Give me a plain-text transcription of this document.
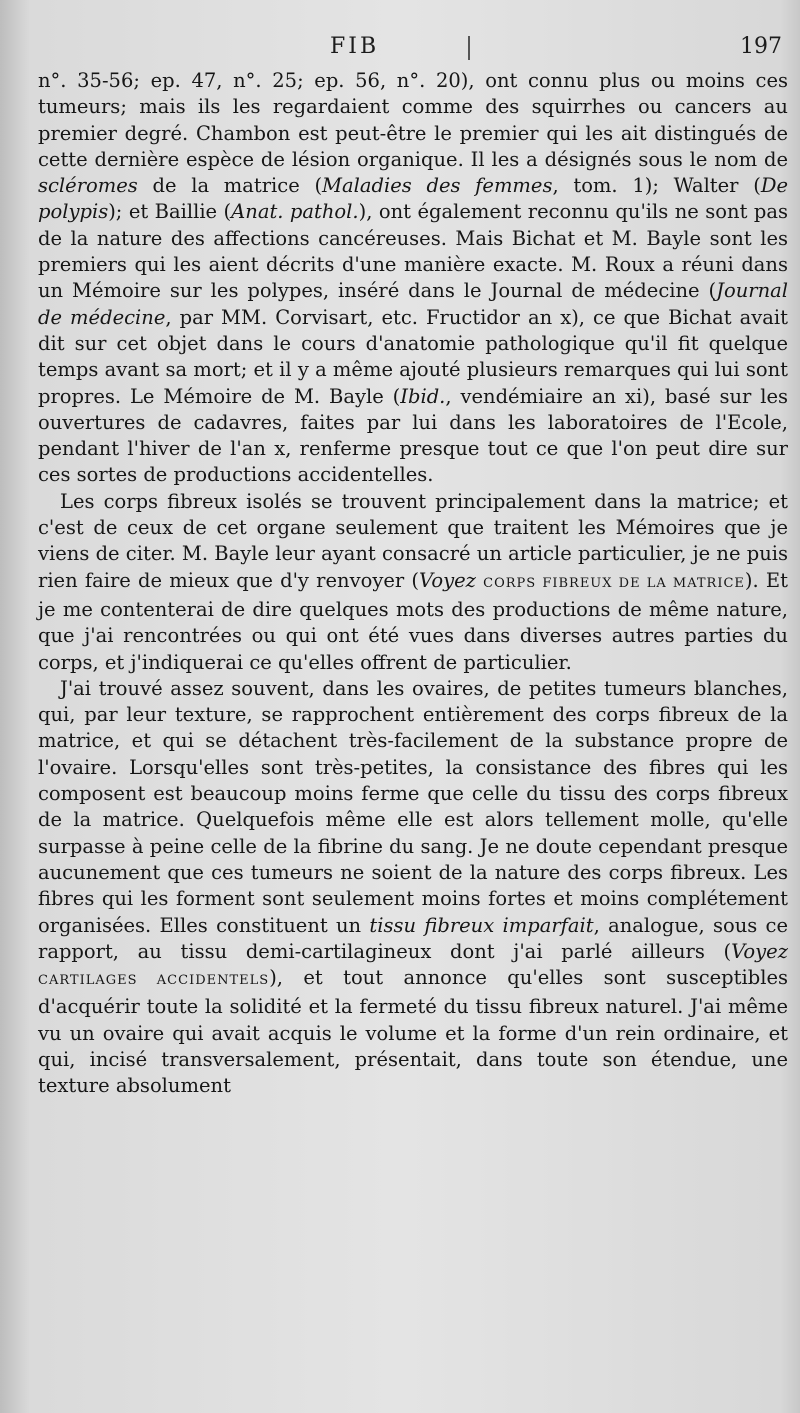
FIB	197

n°. 35-56; ep. 47, n°. 25; ep. 56, n°. 20), ont connu plus ou moins ces tumeurs; mais ils les regardaient comme des squirrhes ou cancers au premier degré. Chambon est peut-être le premier qui les ait distingués de cette dernière espèce de lésion organique. Il les a désignés sous le nom de scléromes de la matrice (Maladies des femmes, tom. 1); Walter (De polypis); et Baillie (Anat. pathol.), ont également reconnu qu'ils ne sont pas de la nature des affections cancéreuses. Mais Bichat et M. Bayle sont les premiers qui les aient décrits d'une manière exacte. M. Roux a réuni dans un Mémoire sur les polypes, inséré dans le Journal de médecine (Journal de médecine, par MM. Corvisart, etc. Fructidor an x), ce que Bichat avait dit sur cet objet dans le cours d'anatomie pathologique qu'il fit quelque temps avant sa mort; et il y a même ajouté plusieurs remarques qui lui sont propres. Le Mémoire de M. Bayle (Ibid., vendémiaire an xi), basé sur les ouvertures de cadavres, faites par lui dans les laboratoires de l'Ecole, pendant l'hiver de l'an x, renferme presque tout ce que l'on peut dire sur ces sortes de productions accidentelles.

Les corps fibreux isolés se trouvent principalement dans la matrice; et c'est de ceux de cet organe seulement que traitent les Mémoires que je viens de citer. M. Bayle leur ayant consacré un article particulier, je ne puis rien faire de mieux que d'y renvoyer (Voyez CORPS FIBREUX DE LA MATRICE). Et je me contenterai de dire quelques mots des productions de même nature, que j'ai rencontrées ou qui ont été vues dans diverses autres parties du corps, et j'indiquerai ce qu'elles offrent de particulier.

J'ai trouvé assez souvent, dans les ovaires, de petites tumeurs blanches, qui, par leur texture, se rapprochent entièrement des corps fibreux de la matrice, et qui se détachent très-facilement de la substance propre de l'ovaire. Lorsqu'elles sont très-petites, la consistance des fibres qui les composent est beaucoup moins ferme que celle du tissu des corps fibreux de la matrice. Quelquefois même elle est alors tellement molle, qu'elle surpasse à peine celle de la fibrine du sang. Je ne doute cependant presque aucunement que ces tumeurs ne soient de la nature des corps fibreux. Les fibres qui les forment sont seulement moins fortes et moins complétement organisées. Elles constituent un tissu fibreux imparfait, analogue, sous ce rapport, au tissu demi-cartilagineux dont j'ai parlé ailleurs (Voyez CARTILAGES ACCIDENTELS), et tout annonce qu'elles sont susceptibles d'acquérir toute la solidité et la fermeté du tissu fibreux naturel. J'ai même vu un ovaire qui avait acquis le volume et la forme d'un rein ordinaire, et qui, incisé transversalement, présentait, dans toute son étendue, une texture absolument
